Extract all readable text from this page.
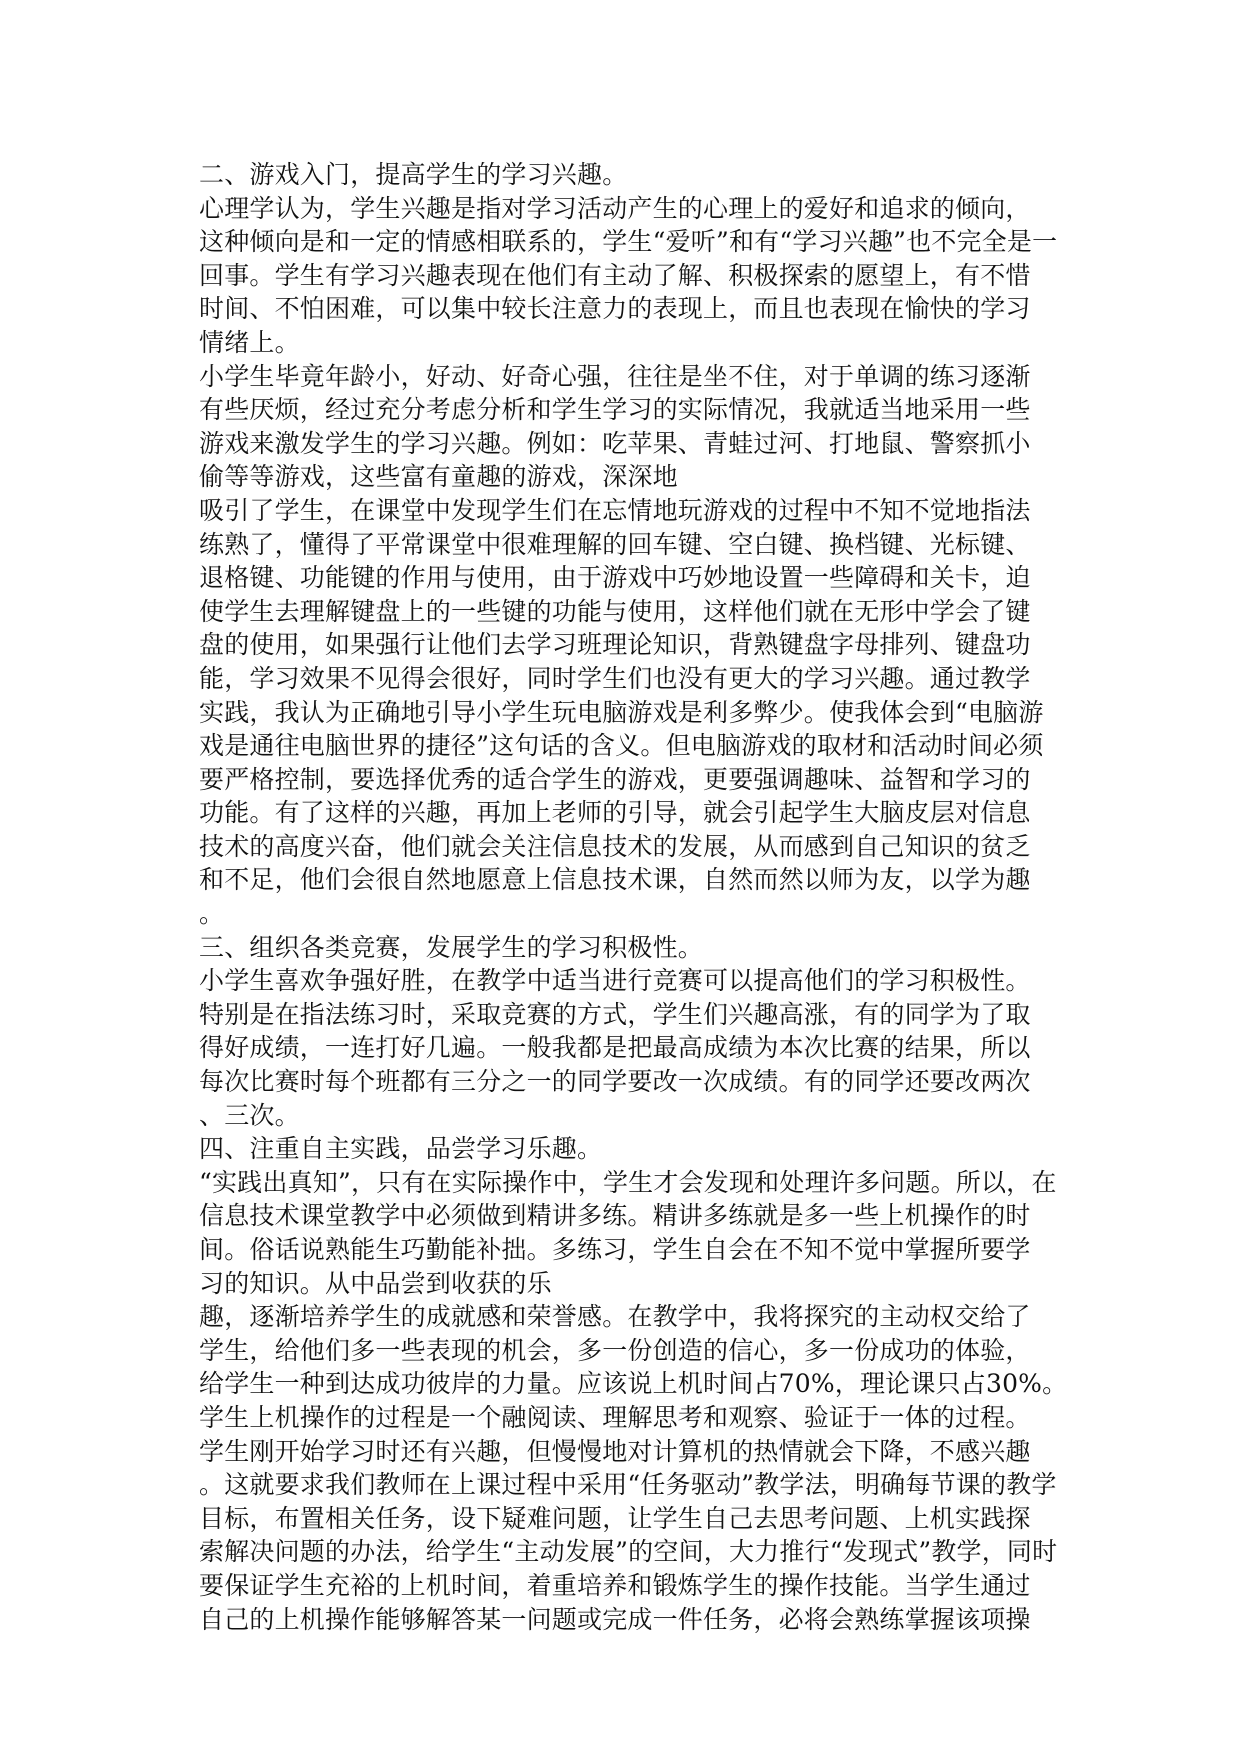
二、游戏入门，提高学生的学习兴趣。
心理学认为，学生兴趣是指对学习活动产生的心理上的爱好和追求的倾向，
这种倾向是和一定的情感相联系的，学生“爱听”和有“学习兴趣”也不完全是一
回事。学生有学习兴趣表现在他们有主动了解、积极探索的愿望上，有不惜
时间、不怕困难，可以集中较长注意力的表现上，而且也表现在愉快的学习
情绪上。
小学生毕竟年龄小，好动、好奇心强，往往是坐不住，对于单调的练习逐渐
有些厌烦，经过充分考虑分析和学生学习的实际情况，我就适当地采用一些
游戏来激发学生的学习兴趣。例如：吃苹果、青蛙过河、打地鼠、警察抓小
偷等等游戏，这些富有童趣的游戏，深深地
吸引了学生，在课堂中发现学生们在忘情地玩游戏的过程中不知不觉地指法
练熟了，懂得了平常课堂中很难理解的回车键、空白键、换档键、光标键、
退格键、功能键的作用与使用，由于游戏中巧妙地设置一些障碍和关卡，迫
使学生去理解键盘上的一些键的功能与使用，这样他们就在无形中学会了键
盘的使用，如果强行让他们去学习班理论知识，背熟键盘字母排列、键盘功
能，学习效果不见得会很好，同时学生们也没有更大的学习兴趣。通过教学
实践，我认为正确地引导小学生玩电脑游戏是利多弊少。使我体会到“电脑游
戏是通往电脑世界的捷径”这句话的含义。但电脑游戏的取材和活动时间必须
要严格控制，要选择优秀的适合学生的游戏，更要强调趣味、益智和学习的
功能。有了这样的兴趣，再加上老师的引导，就会引起学生大脑皮层对信息
技术的高度兴奋，他们就会关注信息技术的发展，从而感到自己知识的贫乏
和不足，他们会很自然地愿意上信息技术课，自然而然以师为友，以学为趣
。
三、组织各类竞赛，发展学生的学习积极性。
小学生喜欢争强好胜，在教学中适当进行竞赛可以提高他们的学习积极性。
特别是在指法练习时，采取竞赛的方式，学生们兴趣高涨，有的同学为了取
得好成绩，一连打好几遍。一般我都是把最高成绩为本次比赛的结果，所以
每次比赛时每个班都有三分之一的同学要改一次成绩。有的同学还要改两次
、三次。
四、注重自主实践，品尝学习乐趣。
“实践出真知”，只有在实际操作中，学生才会发现和处理许多问题。所以，在
信息技术课堂教学中必须做到精讲多练。精讲多练就是多一些上机操作的时
间。俗话说熟能生巧勤能补拙。多练习，学生自会在不知不觉中掌握所要学
习的知识。从中品尝到收获的乐
趣，逐渐培养学生的成就感和荣誉感。在教学中，我将探究的主动权交给了
学生，给他们多一些表现的机会，多一份创造的信心，多一份成功的体验，
给学生一种到达成功彼岸的力量。应该说上机时间占70%，理论课只占30%。
学生上机操作的过程是一个融阅读、理解思考和观察、验证于一体的过程。
学生刚开始学习时还有兴趣，但慢慢地对计算机的热情就会下降，不感兴趣
。这就要求我们教师在上课过程中采用“任务驱动”教学法，明确每节课的教学
目标，布置相关任务，设下疑难问题，让学生自己去思考问题、上机实践探
索解决问题的办法，给学生“主动发展”的空间，大力推行“发现式”教学，同时
要保证学生充裕的上机时间，着重培养和锻炼学生的操作技能。当学生通过
自己的上机操作能够解答某一问题或完成一件任务，必将会熟练掌握该项操
